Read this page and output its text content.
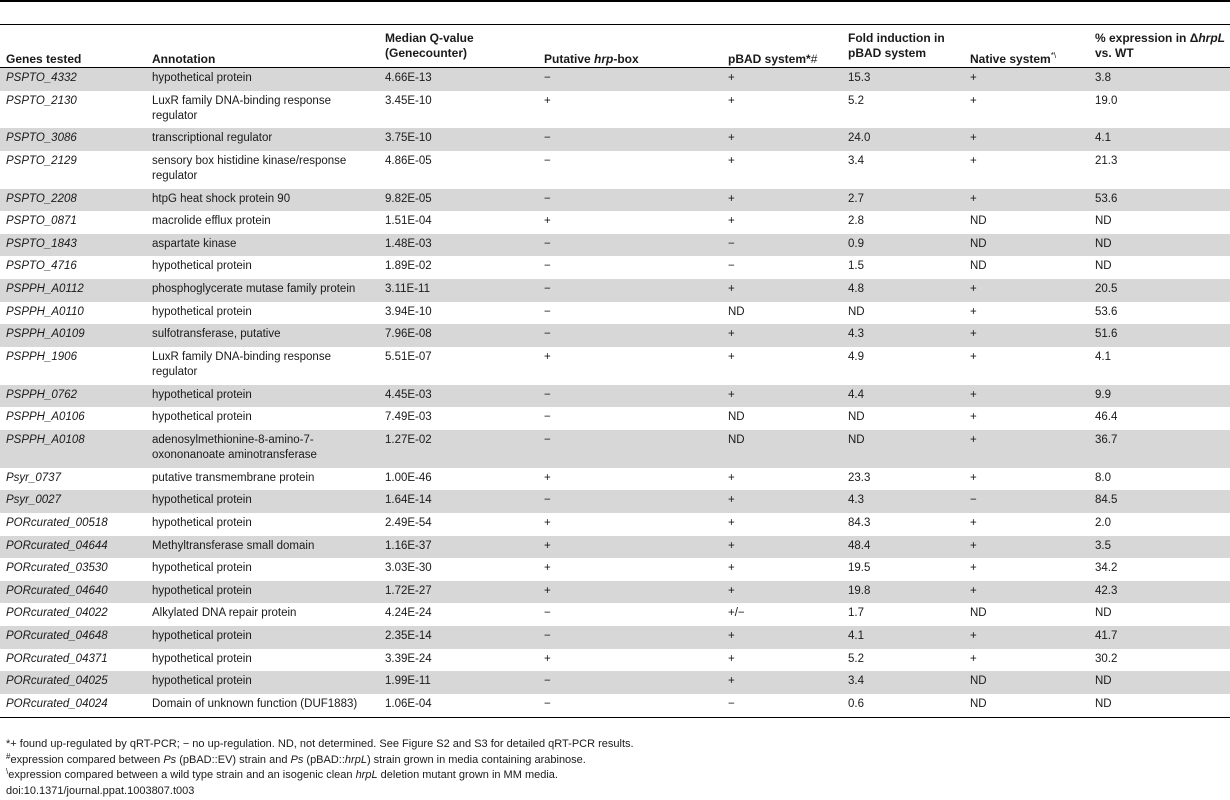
Genes tested	Annotation	Median Q-value (Genecounter)	Putative hrp-box	pBAD system*#	Fold induction in pBAD system	Native system*\	% expression in ΔhrpL vs. WT
PSPTO_4332	hypothetical protein	4.66E-13	−	+	15.3	+	3.8
PSPTO_2130	LuxR family DNA-binding response regulator	3.45E-10	+	+	5.2	+	19.0
PSPTO_3086	transcriptional regulator	3.75E-10	−	+	24.0	+	4.1
PSPTO_2129	sensory box histidine kinase/response regulator	4.86E-05	−	+	3.4	+	21.3
PSPTO_2208	htpG heat shock protein 90	9.82E-05	−	+	2.7	+	53.6
PSPTO_0871	macrolide efflux protein	1.51E-04	+	+	2.8	ND	ND
PSPTO_1843	aspartate kinase	1.48E-03	−	−	0.9	ND	ND
PSPTO_4716	hypothetical protein	1.89E-02	−	−	1.5	ND	ND
PSPPH_A0112	phosphoglycerate mutase family protein	3.11E-11	−	+	4.8	+	20.5
PSPPH_A0110	hypothetical protein	3.94E-10	−	ND	ND	+	53.6
PSPPH_A0109	sulfotransferase, putative	7.96E-08	−	+	4.3	+	51.6
PSPPH_1906	LuxR family DNA-binding response regulator	5.51E-07	+	+	4.9	+	4.1
PSPPH_0762	hypothetical protein	4.45E-03	−	+	4.4	+	9.9
PSPPH_A0106	hypothetical protein	7.49E-03	−	ND	ND	+	46.4
PSPPH_A0108	adenosylmethionine-8-amino-7-oxononanoate aminotransferase	1.27E-02	−	ND	ND	+	36.7
Psyr_0737	putative transmembrane protein	1.00E-46	+	+	23.3	+	8.0
Psyr_0027	hypothetical protein	1.64E-14	−	+	4.3	−	84.5
PORcurated_00518	hypothetical protein	2.49E-54	+	+	84.3	+	2.0
PORcurated_04644	Methyltransferase small domain	1.16E-37	+	+	48.4	+	3.5
PORcurated_03530	hypothetical protein	3.03E-30	+	+	19.5	+	34.2
PORcurated_04640	hypothetical protein	1.72E-27	+	+	19.8	+	42.3
PORcurated_04022	Alkylated DNA repair protein	4.24E-24	−	+/−	1.7	ND	ND
PORcurated_04648	hypothetical protein	2.35E-14	−	+	4.1	+	41.7
PORcurated_04371	hypothetical protein	3.39E-24	+	+	5.2	+	30.2
PORcurated_04025	hypothetical protein	1.99E-11	−	+	3.4	ND	ND
PORcurated_04024	Domain of unknown function (DUF1883)	1.06E-04	−	−	0.6	ND	ND
*+ found up-regulated by qRT-PCR; − no up-regulation. ND, not determined. See Figure S2 and S3 for detailed qRT-PCR results.
#expression compared between Ps (pBAD::EV) strain and Ps (pBAD::hrpL) strain grown in media containing arabinose.
\expression compared between a wild type strain and an isogenic clean hrpL deletion mutant grown in MM media.
doi:10.1371/journal.ppat.1003807.t003
